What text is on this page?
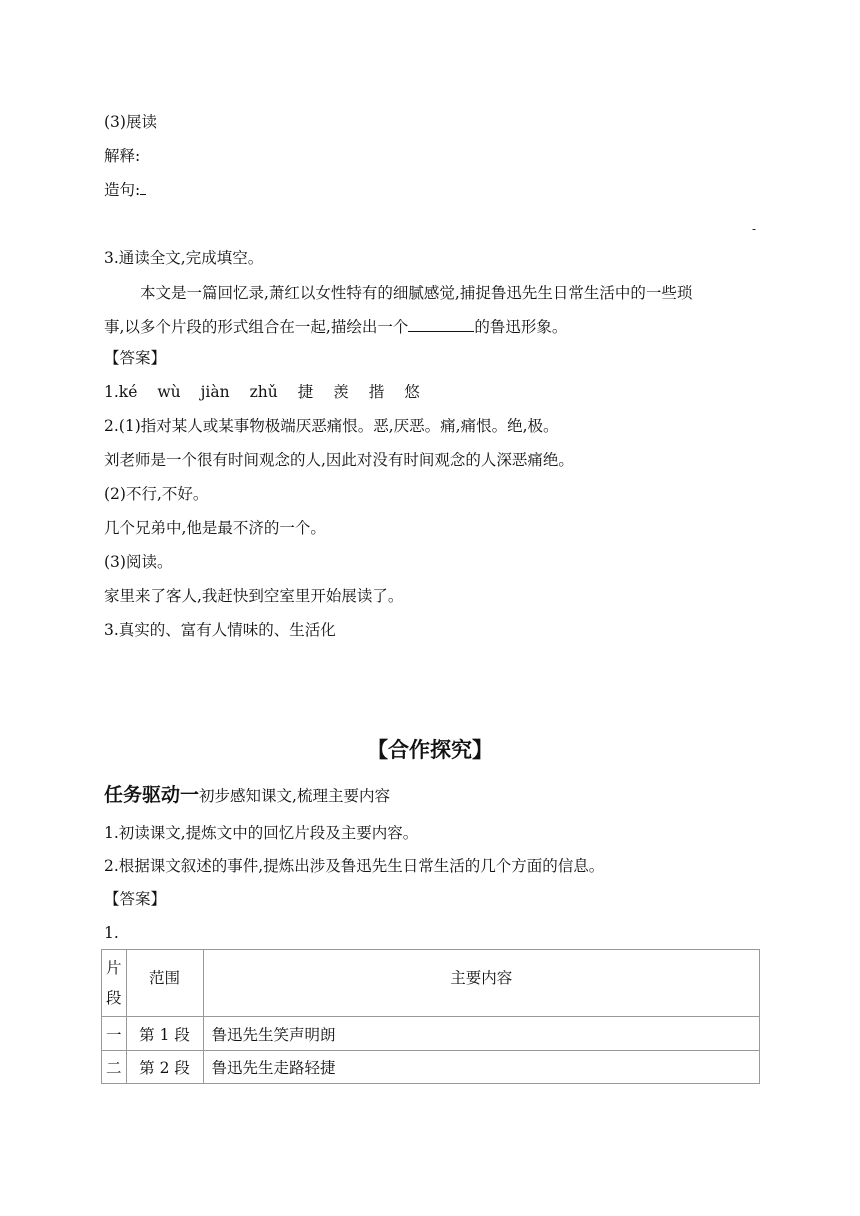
(3)展读
解释:
造句:
-
3.通读全文,完成填空。
本文是一篇回忆录,萧红以女性特有的细腻感觉,捕捉鲁迅先生日常生活中的一些琐
事,以多个片段的形式组合在一起,描绘出一个	的鲁迅形象。
【答案】
1.ké wù jiàn zhǔ 捷 羡 揩 悠
2.(1)指对某人或某事物极端厌恶痛恨。恶,厌恶。痛,痛恨。绝,极。
刘老师是一个很有时间观念的人,因此对没有时间观念的人深恶痛绝。
(2)不行,不好。
几个兄弟中,他是最不济的一个。
(3)阅读。
家里来了客人,我赶快到空室里开始展读了。
3.真实的、富有人情味的、生活化
【合作探究】
任务驱动一初步感知课文,梳理主要内容
1.初读课文,提炼文中的回忆片段及主要内容。
2.根据课文叙述的事件,提炼出涉及鲁迅先生日常生活的几个方面的信息。
【答案】
1.
片
段	范围	主要内容
一	第 1 段	鲁迅先生笑声明朗
二	第 2 段	鲁迅先生走路轻捷
